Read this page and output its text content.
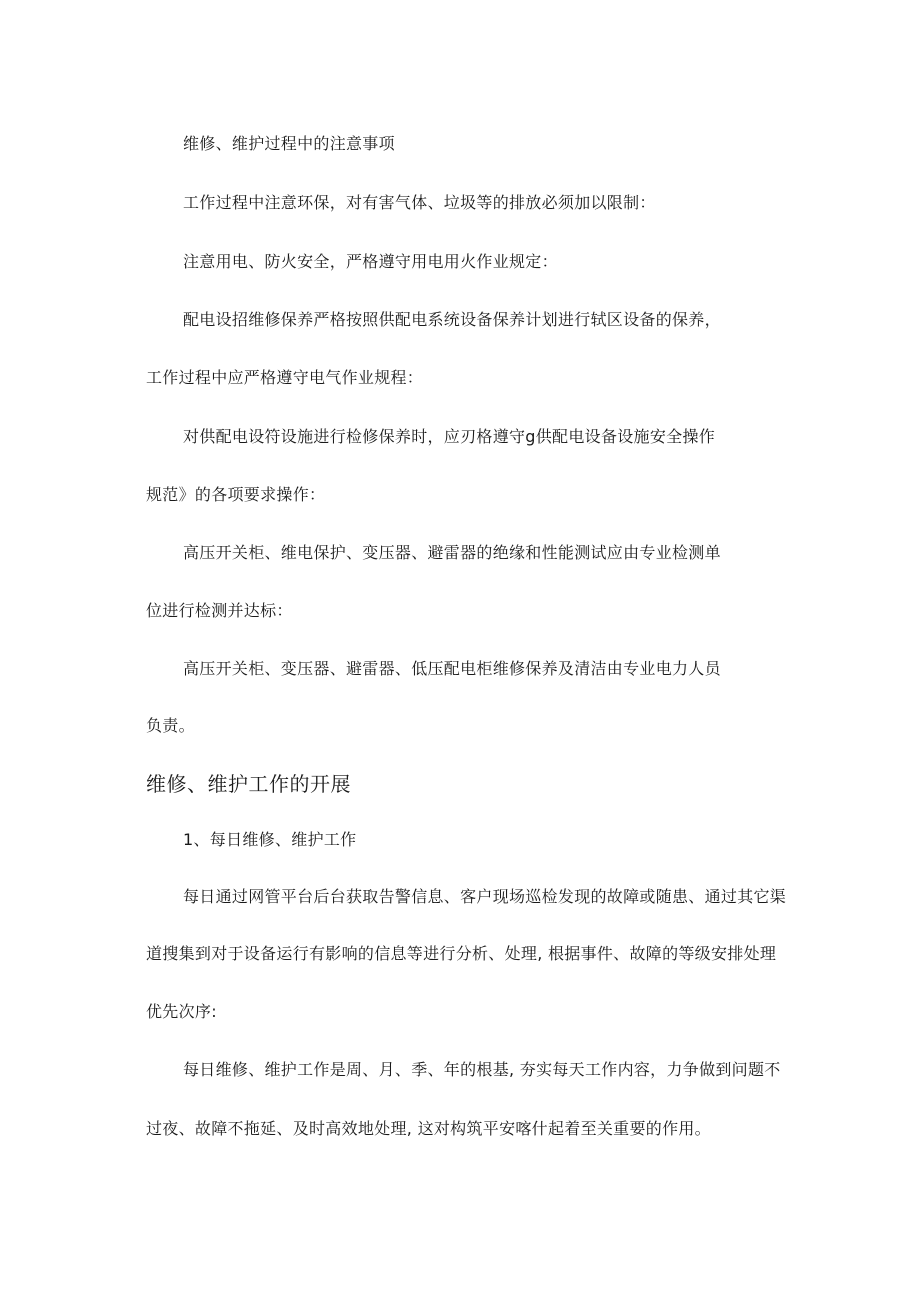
维修、维护过程中的注意事项
工作过程中注意环保，对有害气体、垃圾等的排放必须加以限制：
注意用电、防火安全，严格遵守用电用火作业规定：
配电设招维修保养严格按照供配电系统设备保养计划进行轼区设备的保养，
工作过程中应严格遵守电气作业规程：
对供配电设符设施进行检修保养时，应刃格遵守g供配电设备设施安全操作
规范》的各项要求操作：
高压开关柜、维电保护、变压器、避雷器的绝缘和性能测试应由专业检测单
位进行检测并达标：
高压开关柜、变压器、避雷器、低压配电柜维修保养及清洁由专业电力人员
负责。
维修、维护工作的开展
1、每日维修、维护工作
每日通过网管平台后台获取告警信息、客户现场巡检发现的故障或随患、通过其它渠
道搜集到对于设备运行有影响的信息等进行分析、处理, 根据事件、故障的等级安排处理
优先次序:
每日维修、维护工作是周、月、季、年的根基, 夯实每天工作内容，力争做到问题不
过夜、故障不拖延、及时高效地处理, 这对构筑平安喀什起着至关重要的作用。
